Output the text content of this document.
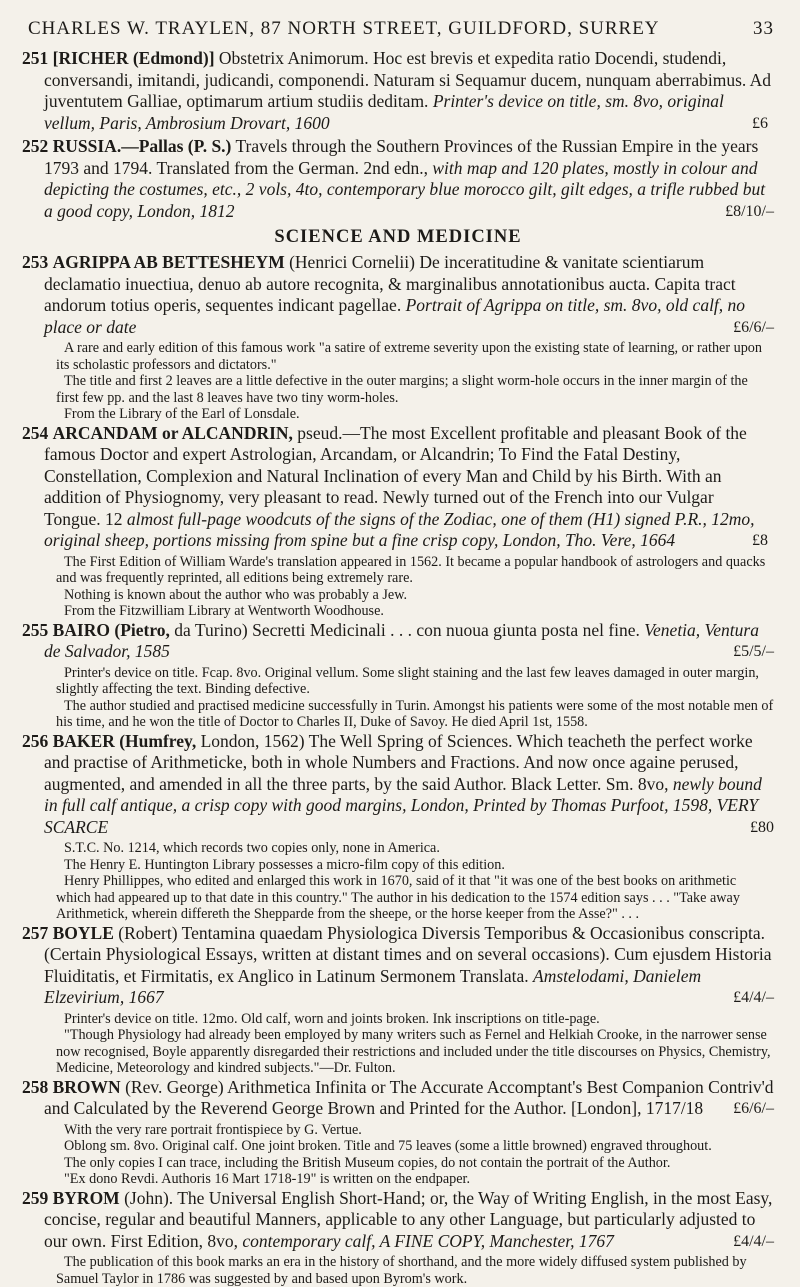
CHARLES W. TRAYLEN, 87 NORTH STREET, GUILDFORD, SURREY	33
251 [RICHER (Edmond)] Obstetrix Animorum. Hoc est brevis et expedita ratio Docendi, studendi, conversandi, imitandi, judicandi, componendi. Naturam si Sequamur ducem, nunquam aberrabimus. Ad juventutem Galliae, optimarum artium studiis deditam. Printer's device on title, sm. 8vo, original vellum, Paris, Ambrosium Drovart, 1600	£6
252 RUSSIA.—Pallas (P. S.) Travels through the Southern Provinces of the Russian Empire in the years 1793 and 1794. Translated from the German. 2nd edn., with map and 120 plates, mostly in colour and depicting the costumes, etc., 2 vols, 4to, contemporary blue morocco gilt, gilt edges, a trifle rubbed but a good copy, London, 1812	£8/10/–
SCIENCE AND MEDICINE
253 AGRIPPA AB BETTESHEYM (Henrici Cornelii) De inceratitudine & vanitate scientiarum declamatio inuectiua, denuo ab autore recognita, & marginalibus annotationibus aucta. Capita tract andorum totius operis, sequentes indicant pagellae. Portrait of Agrippa on title, sm. 8vo, old calf, no place or date	£6/6/–
A rare and early edition of this famous work "a satire of extreme severity upon the existing state of learning, or rather upon its scholastic professors and dictators."
The title and first 2 leaves are a little defective in the outer margins; a slight worm-hole occurs in the inner margin of the first few pp. and the last 8 leaves have two tiny worm-holes.
From the Library of the Earl of Lonsdale.
254 ARCANDAM or ALCANDRIN, pseud.—The most Excellent profitable and pleasant Book of the famous Doctor and expert Astrologian, Arcandam, or Alcandrin; To Find the Fatal Destiny, Constellation, Complexion and Natural Inclination of every Man and Child by his Birth. With an addition of Physiognomy, very pleasant to read. Newly turned out of the French into our Vulgar Tongue. 12 almost full-page woodcuts of the signs of the Zodiac, one of them (H1) signed P.R., 12mo, original sheep, portions missing from spine but a fine crisp copy, London, Tho. Vere, 1664	£8
The First Edition of William Warde's translation appeared in 1562. It became a popular handbook of astrologers and quacks and was frequently reprinted, all editions being extremely rare.
Nothing is known about the author who was probably a Jew.
From the Fitzwilliam Library at Wentworth Woodhouse.
255 BAIRO (Pietro, da Turino) Secretti Medicinali . . . con nuoua giunta posta nel fine. Venetia, Ventura de Salvador, 1585	£5/5/–
Printer's device on title. Fcap. 8vo. Original vellum. Some slight staining and the last few leaves damaged in outer margin, slightly affecting the text. Binding defective.
The author studied and practised medicine successfully in Turin. Amongst his patients were some of the most notable men of his time, and he won the title of Doctor to Charles II, Duke of Savoy. He died April 1st, 1558.
256 BAKER (Humfrey, London, 1562) The Well Spring of Sciences. Which teacheth the perfect worke and practise of Arithmeticke, both in whole Numbers and Fractions. And now once againe perused, augmented, and amended in all the three parts, by the said Author. Black Letter. Sm. 8vo, newly bound in full calf antique, a crisp copy with good margins, London, Printed by Thomas Purfoot, 1598, VERY SCARCE	£80
S.T.C. No. 1214, which records two copies only, none in America.
The Henry E. Huntington Library possesses a micro-film copy of this edition.
Henry Phillippes, who edited and enlarged this work in 1670, said of it that "it was one of the best books on arithmetic which had appeared up to that date in this country." The author in his dedication to the 1574 edition says . . . "Take away Arithmetick, wherein differeth the Shepparde from the sheepe, or the horse keeper from the Asse?" . . .
257 BOYLE (Robert) Tentamina quaedam Physiologica Diversis Temporibus & Occasionibus conscripta. (Certain Physiological Essays, written at distant times and on several occasions). Cum ejusdem Historia Fluiditatis, et Firmitatis, ex Anglico in Latinum Sermonem Translata. Amstelodami, Danielem Elzevirium, 1667	£4/4/–
Printer's device on title. 12mo. Old calf, worn and joints broken. Ink inscriptions on title-page.
"Though Physiology had already been employed by many writers such as Fernel and Helkiah Crooke, in the narrower sense now recognised, Boyle apparently disregarded their restrictions and included under the title discourses on Physics, Chemistry, Medicine, Meteorology and kindred subjects."—Dr. Fulton.
258 BROWN (Rev. George) Arithmetica Infinita or The Accurate Accomptant's Best Companion Contriv'd and Calculated by the Reverend George Brown and Printed for the Author. [London], 1717/18 £6/6/–
With the very rare portrait frontispiece by G. Vertue.
Oblong sm. 8vo. Original calf. One joint broken. Title and 75 leaves (some a little browned) engraved throughout.
The only copies I can trace, including the British Museum copies, do not contain the portrait of the Author.
"Ex dono Revdi. Authoris 16 Mart 1718-19" is written on the endpaper.
259 BYROM (John). The Universal English Short-Hand; or, the Way of Writing English, in the most Easy, concise, regular and beautiful Manners, applicable to any other Language, but particularly adjusted to our own. First Edition, 8vo, contemporary calf, A FINE COPY, Manchester, 1767	£4/4/–
The publication of this book marks an era in the history of shorthand, and the more widely diffused system published by Samuel Taylor in 1786 was suggested by and based upon Byrom's work.
